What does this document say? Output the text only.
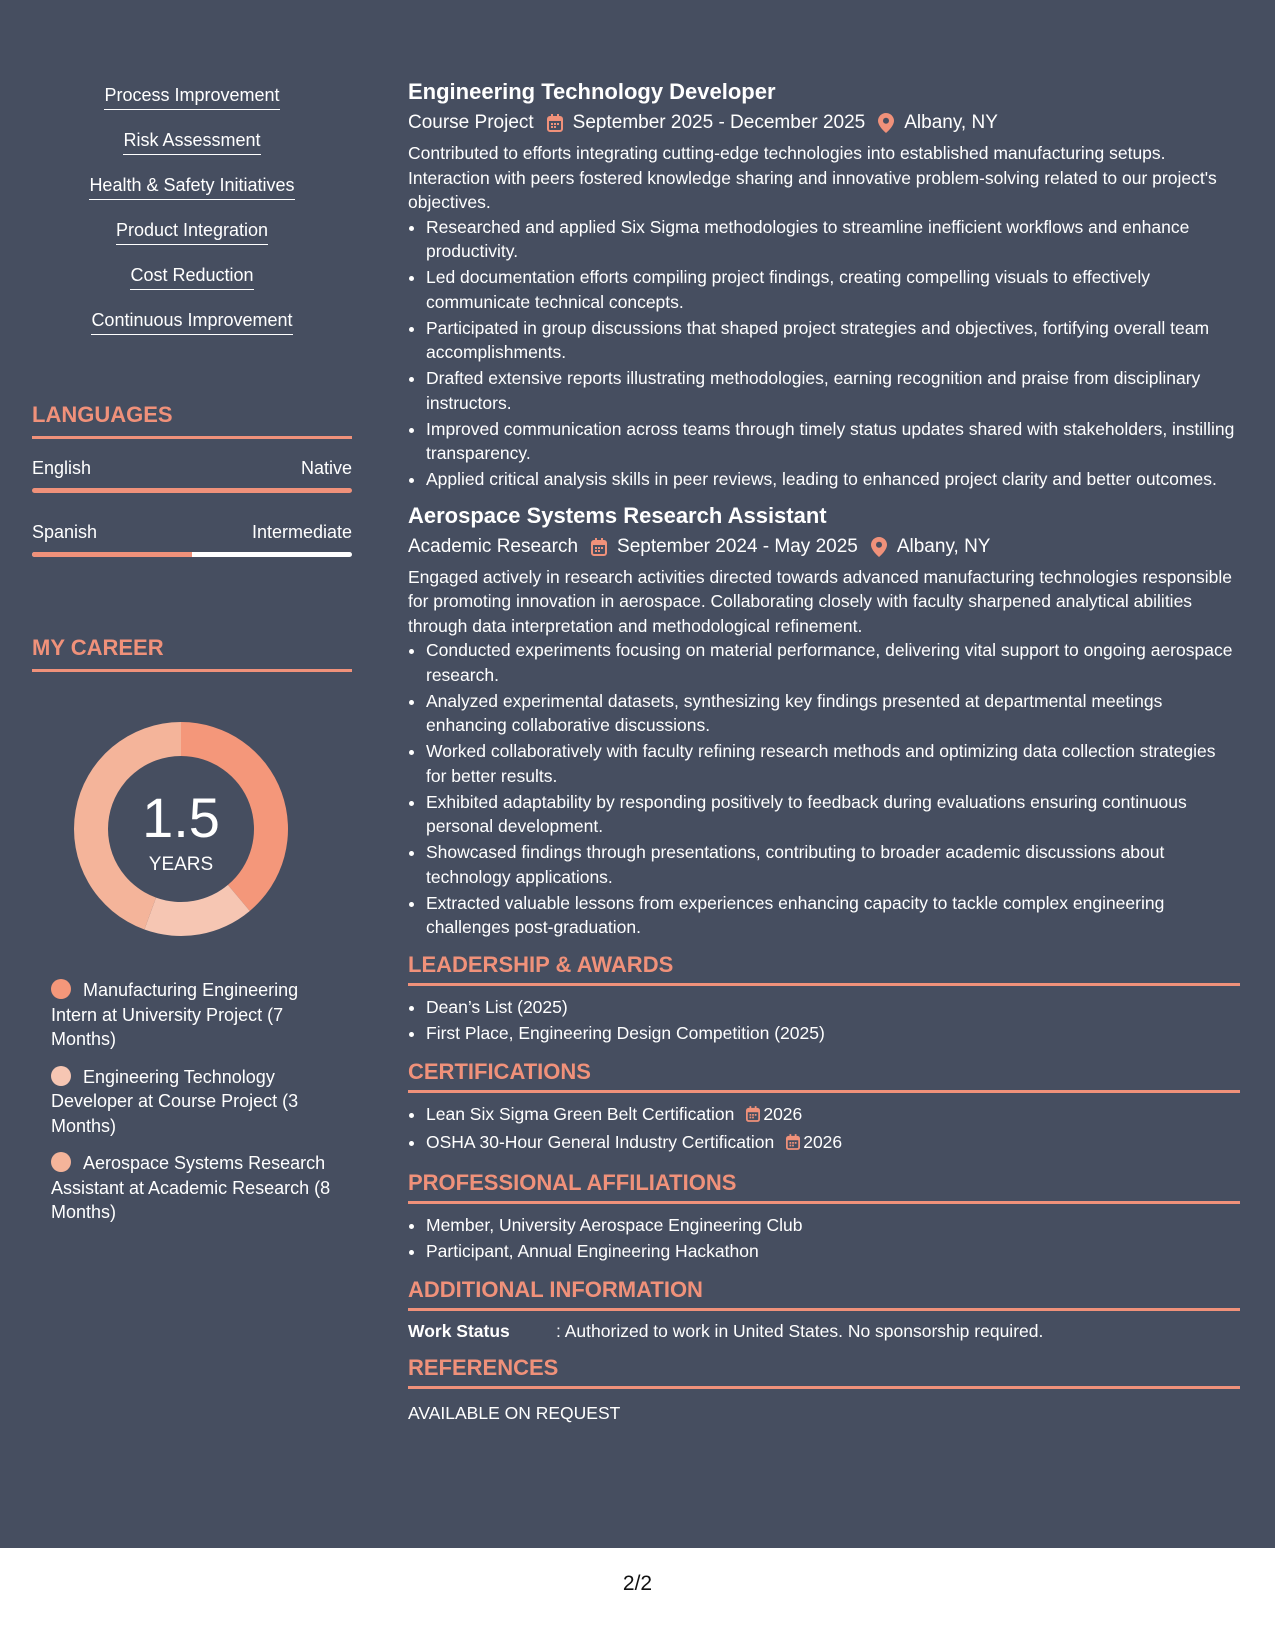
Process Improvement
Risk Assessment
Health & Safety Initiatives
Product Integration
Cost Reduction
Continuous Improvement
LANGUAGES
English	Native
Spanish	Intermediate
MY CAREER
1.5
YEARS
Manufacturing Engineering Intern at University Project (7 Months)
Engineering Technology Developer at Course Project (3 Months)
Aerospace Systems Research Assistant at Academic Research (8 Months)
Engineering Technology Developer
Course Project September 2025 - December 2025 Albany, NY
Contributed to efforts integrating cutting-edge technologies into established manufacturing setups. Interaction with peers fostered knowledge sharing and innovative problem-solving related to our project's objectives.
• Researched and applied Six Sigma methodologies to streamline inefficient workflows and enhance productivity.
• Led documentation efforts compiling project findings, creating compelling visuals to effectively communicate technical concepts.
• Participated in group discussions that shaped project strategies and objectives, fortifying overall team accomplishments.
• Drafted extensive reports illustrating methodologies, earning recognition and praise from disciplinary instructors.
• Improved communication across teams through timely status updates shared with stakeholders, instilling transparency.
• Applied critical analysis skills in peer reviews, leading to enhanced project clarity and better outcomes.
Aerospace Systems Research Assistant
Academic Research September 2024 - May 2025 Albany, NY
Engaged actively in research activities directed towards advanced manufacturing technologies responsible for promoting innovation in aerospace. Collaborating closely with faculty sharpened analytical abilities through data interpretation and methodological refinement.
• Conducted experiments focusing on material performance, delivering vital support to ongoing aerospace research.
• Analyzed experimental datasets, synthesizing key findings presented at departmental meetings enhancing collaborative discussions.
• Worked collaboratively with faculty refining research methods and optimizing data collection strategies for better results.
• Exhibited adaptability by responding positively to feedback during evaluations ensuring continuous personal development.
• Showcased findings through presentations, contributing to broader academic discussions about technology applications.
• Extracted valuable lessons from experiences enhancing capacity to tackle complex engineering challenges post-graduation.
LEADERSHIP & AWARDS
• Dean’s List (2025)
• First Place, Engineering Design Competition (2025)
CERTIFICATIONS
• Lean Six Sigma Green Belt Certification 2026
• OSHA 30-Hour General Industry Certification 2026
PROFESSIONAL AFFILIATIONS
• Member, University Aerospace Engineering Club
• Participant, Annual Engineering Hackathon
ADDITIONAL INFORMATION
Work Status	: Authorized to work in United States. No sponsorship required.
REFERENCES
AVAILABLE ON REQUEST
2/2
